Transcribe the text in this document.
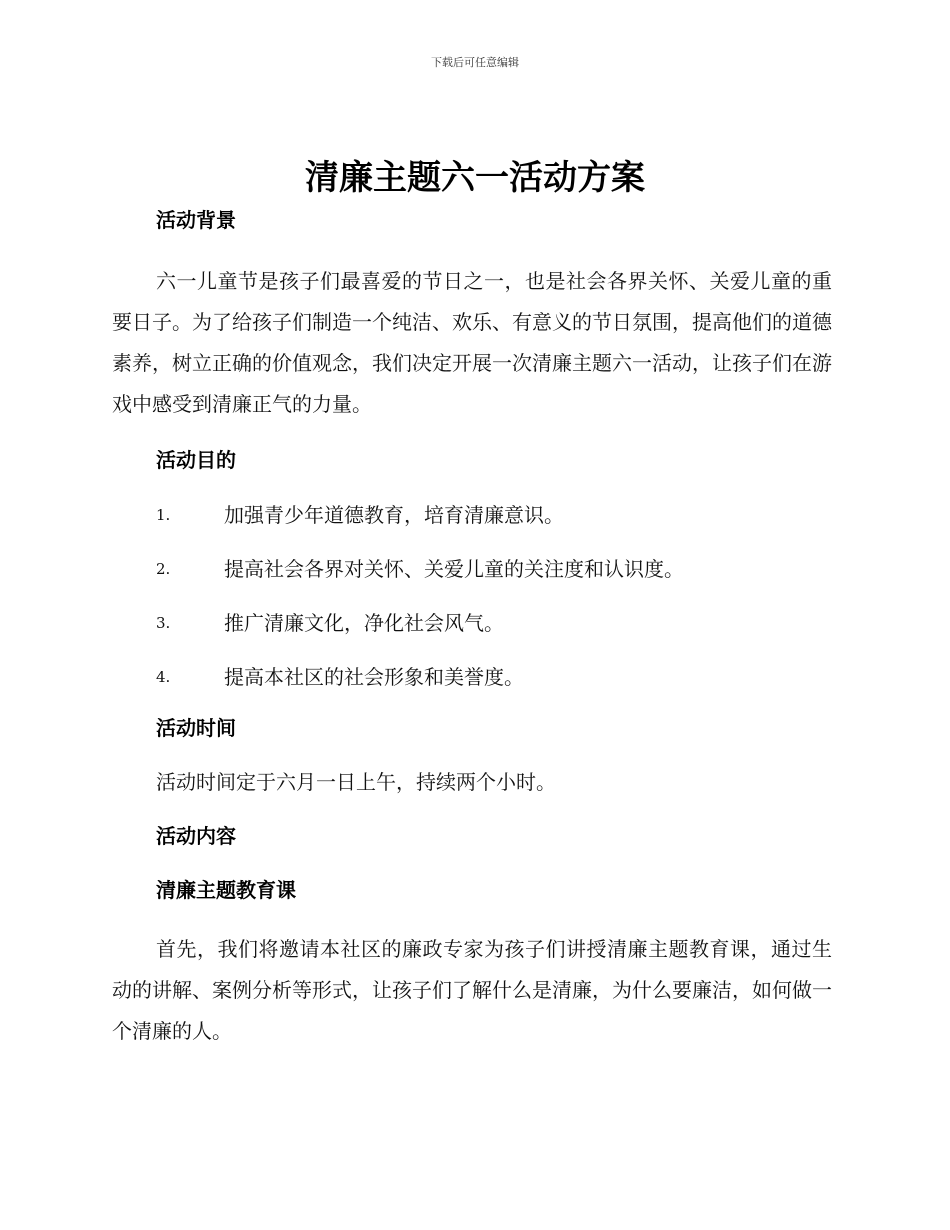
下载后可任意编辑
清廉主题六一活动方案
活动背景

六一儿童节是孩子们最喜爱的节日之一，也是社会各界关怀、关爱儿童的重要日子。为了给孩子们制造一个纯洁、欢乐、有意义的节日氛围，提高他们的道德素养，树立正确的价值观念，我们决定开展一次清廉主题六一活动，让孩子们在游戏中感受到清廉正气的力量。

活动目的
1.	加强青少年道德教育，培育清廉意识。
2.	提高社会各界对关怀、关爱儿童的关注度和认识度。
3.	推广清廉文化，净化社会风气。
4.	提高本社区的社会形象和美誉度。
活动时间

活动时间定于六月一日上午，持续两个小时。

活动内容
清廉主题教育课

首先，我们将邀请本社区的廉政专家为孩子们讲授清廉主题教育课，通过生动的讲解、案例分析等形式，让孩子们了解什么是清廉，为什么要廉洁，如何做一个清廉的人。
